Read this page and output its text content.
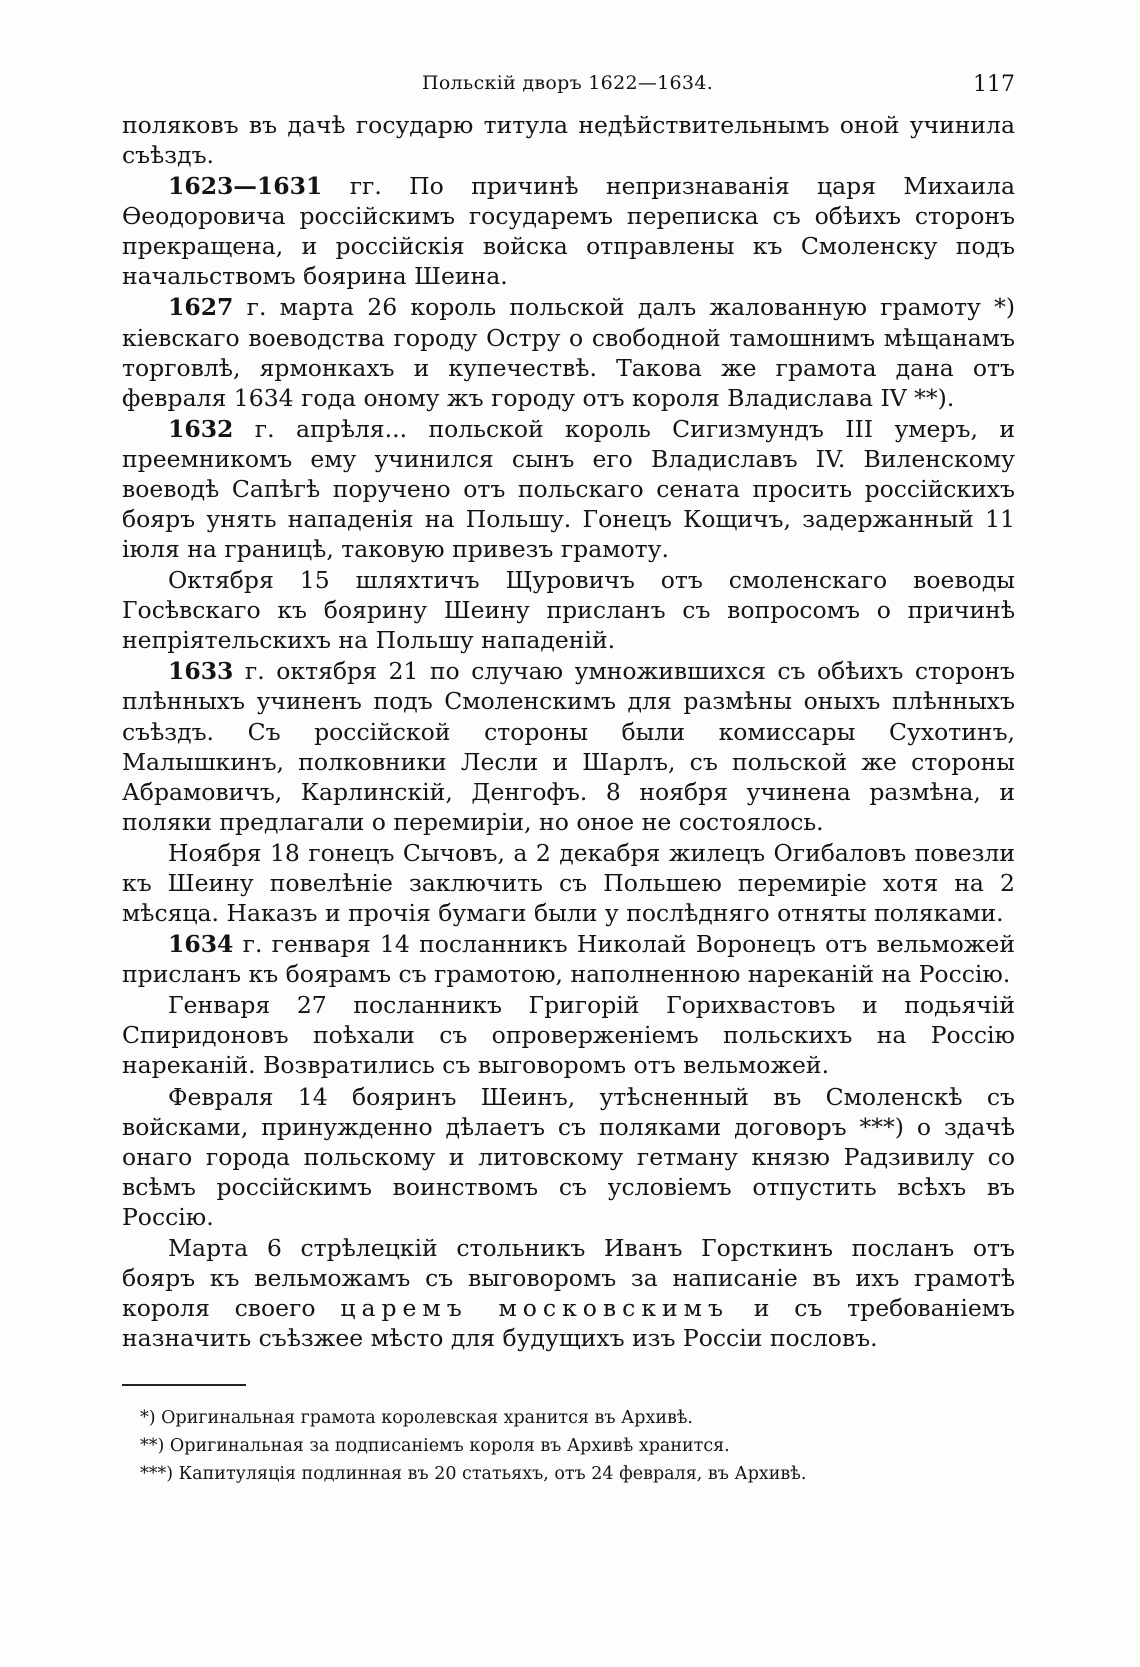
Польскій дворъ 1622—1634.	117

поляковъ въ дачѣ государю титула недѣйствительнымъ оной учинила съѣздъ.

1623—1631 гг. По причинѣ непризнаванія царя Михаила Ѳеодоровича россійскимъ государемъ переписка съ обѣихъ сторонъ прекращена, и россійскія войска отправлены къ Смоленску подъ начальствомъ боярина Шеина.

1627 г. марта 26 король польской далъ жалованную грамоту *) кіевскаго воеводства городу Остру о свободной тамошнимъ мѣщанамъ торговлѣ, ярмонкахъ и купечествѣ. Такова же грамота дана отъ февраля 1634 года оному жъ городу отъ короля Владислава IV **).

1632 г. апрѣля... польской король Сигизмундъ III умеръ, и преемникомъ ему учинился сынъ его Владиславъ IV. Виленскому воеводѣ Сапѣгѣ поручено отъ польскаго сената просить россійскихъ бояръ унять нападенія на Польшу. Гонецъ Кощичъ, задержанный 11 іюля на границѣ, таковую привезъ грамоту.

Октября 15 шляхтичъ Щуровичъ отъ смоленскаго воеводы Госѣвскаго къ боярину Шеину присланъ съ вопросомъ о причинѣ непріятельскихъ на Польшу нападеній.

1633 г. октября 21 по случаю умножившихся съ обѣихъ сторонъ плѣнныхъ учиненъ подъ Смоленскимъ для размѣны оныхъ плѣнныхъ съѣздъ. Съ россійской стороны были комиссары Сухотинъ, Малышкинъ, полковники Лесли и Шарлъ, съ польской же стороны Абрамовичъ, Карлинскій, Денгофъ. 8 ноября учинена размѣна, и поляки предлагали о перемиріи, но оное не состоялось.

Ноября 18 гонецъ Сычовъ, а 2 декабря жилецъ Огибаловъ повезли къ Шеину повелѣніе заключить съ Польшею перемиріе хотя на 2 мѣсяца. Наказъ и прочія бумаги были у послѣдняго отняты поляками.

1634 г. генваря 14 посланникъ Николай Воронецъ отъ вельможей присланъ къ боярамъ съ грамотою, наполненною нареканій на Россію.

Генваря 27 посланникъ Григорій Горихвастовъ и подьячій Спиридоновъ поѣхали съ опроверженіемъ польскихъ на Россію нареканій. Возвратились съ выговоромъ отъ вельможей.

Февраля 14 бояринъ Шеинъ, утѣсненный въ Смоленскѣ съ войсками, принужденно дѣлаетъ съ поляками договоръ ***) о здачѣ онаго города польскому и литовскому гетману князю Радзивилу со всѣмъ россійскимъ воинствомъ съ условіемъ отпустить всѣхъ въ Россію.

Марта 6 стрѣлецкій стольникъ Иванъ Горсткинъ посланъ отъ бояръ къ вельможамъ съ выговоромъ за написаніе въ ихъ грамотѣ короля своего царемъ московскимъ и съ требованіемъ назначить съѣзжее мѣсто для будущихъ изъ Россіи пословъ.

*) Оригинальная грамота королевская хранится въ Архивѣ.
**) Оригинальная за подписаніемъ короля въ Архивѣ хранится.
***) Капитуляція подлинная въ 20 статьяхъ, отъ 24 февраля, въ Архивѣ.
